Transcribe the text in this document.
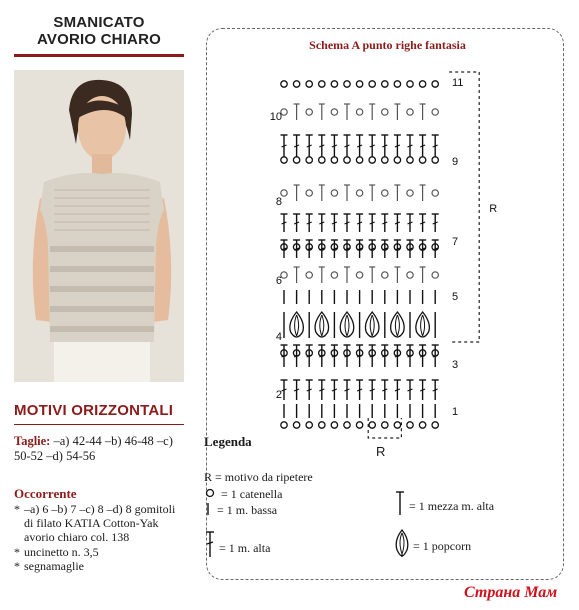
SMANICATO
AVORIO CHIARO
MOTIVI ORIZZONTALI
Taglie: –a) 42-44 –b) 46-48 –c) 50-52 –d) 54-56
Occorrente
* –a) 6 –b) 7 –c) 8 –d) 8 gomitoli di filato KATIA Cotton-Yak avorio chiaro col. 138
* uncinetto n. 3,5
* segnamaglie
Schema A punto righe fantasia
1
2
3
4
5
6
7
8
9
10
11
R
Legenda
R = motivo da ripetere
= 1 catenella
= 1 m. bassa
= 1 m. alta
= 1 mezza m. alta
= 1 popcorn
Страна Мам
R
